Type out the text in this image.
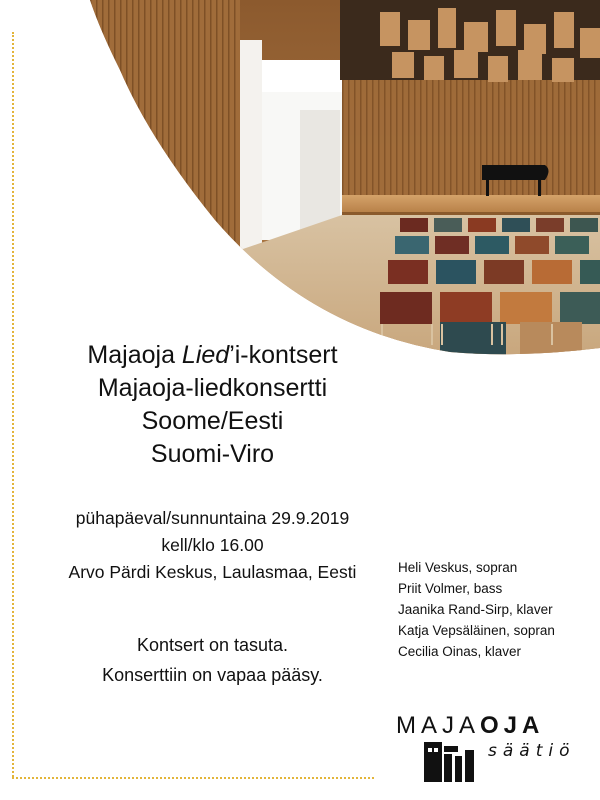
Majaoja Lied’i-kontsert
Majaoja-liedkonsertti
Soome/Eesti
Suomi-Viro
pühapäeval/sunnuntaina 29.9.2019
kell/klo 16.00
Arvo Pärdi Keskus, Laulasmaa, Eesti
Kontsert on tasuta.
Konserttiin on vapaa pääsy.
Heli Veskus, sopran
Priit Volmer, bass
Jaanika Rand-Sirp, klaver
Katja Vepsäläinen, sopran
Cecilia Oinas, klaver
MAJAOJA
säätiö
